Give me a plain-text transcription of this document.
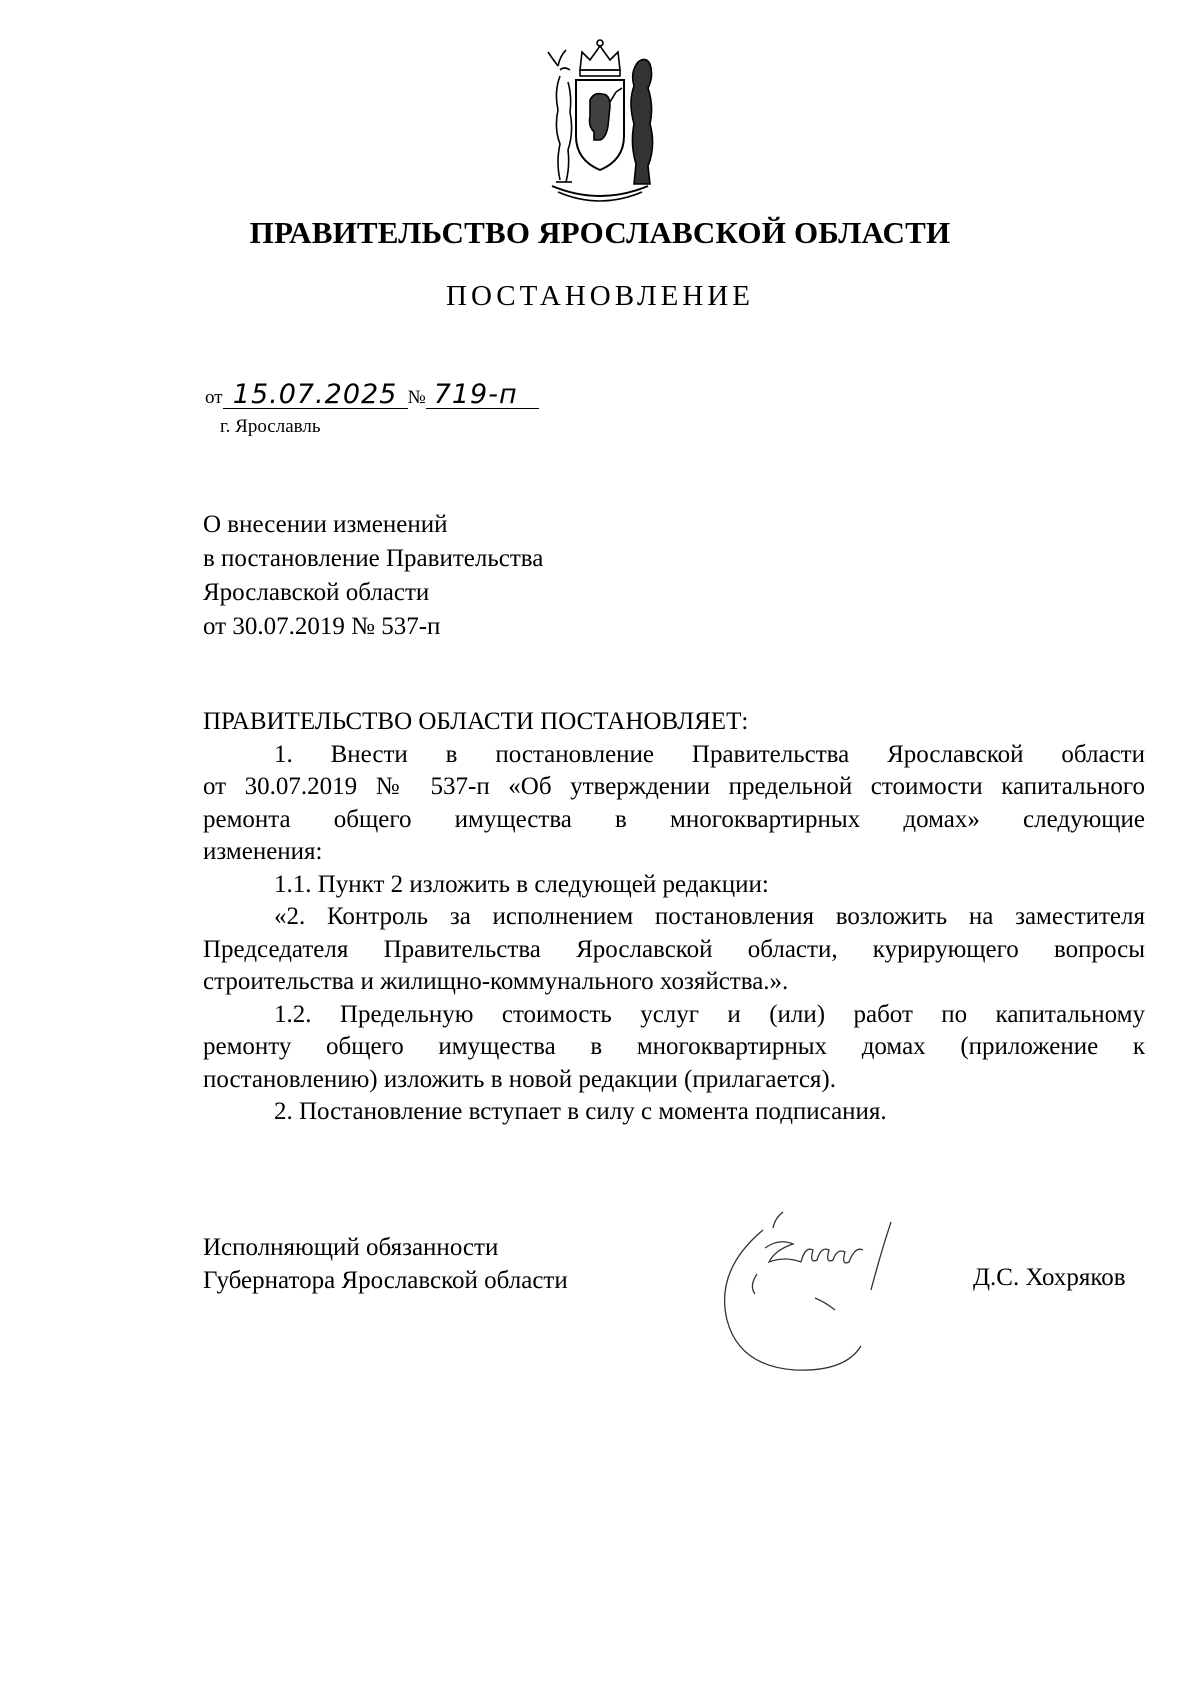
ПРАВИТЕЛЬСТВО ЯРОСЛАВСКОЙ ОБЛАСТИ
ПОСТАНОВЛЕНИЕ
от 15.07.2025 № 719-п
г. Ярославль
О внесении изменений
в постановление Правительства
Ярославской области
от 30.07.2019 № 537-п

ПРАВИТЕЛЬСТВО ОБЛАСТИ ПОСТАНОВЛЯЕТ:

1. Внести в постановление Правительства Ярославской области

от 30.07.2019 № 537-п «Об утверждении предельной стоимости капитального

ремонта общего имущества в многоквартирных домах» следующие

изменения:

1.1. Пункт 2 изложить в следующей редакции:

«2. Контроль за исполнением постановления возложить на заместителя

Председателя Правительства Ярославской области, курирующего вопросы

строительства и жилищно-коммунального хозяйства.».

1.2. Предельную стоимость услуг и (или) работ по капитальному

ремонту общего имущества в многоквартирных домах (приложение к

постановлению) изложить в новой редакции (прилагается).

2. Постановление вступает в силу с момента подписания.

Исполняющий обязанности
Губернатора Ярославской области	Д.С. Хохряков
